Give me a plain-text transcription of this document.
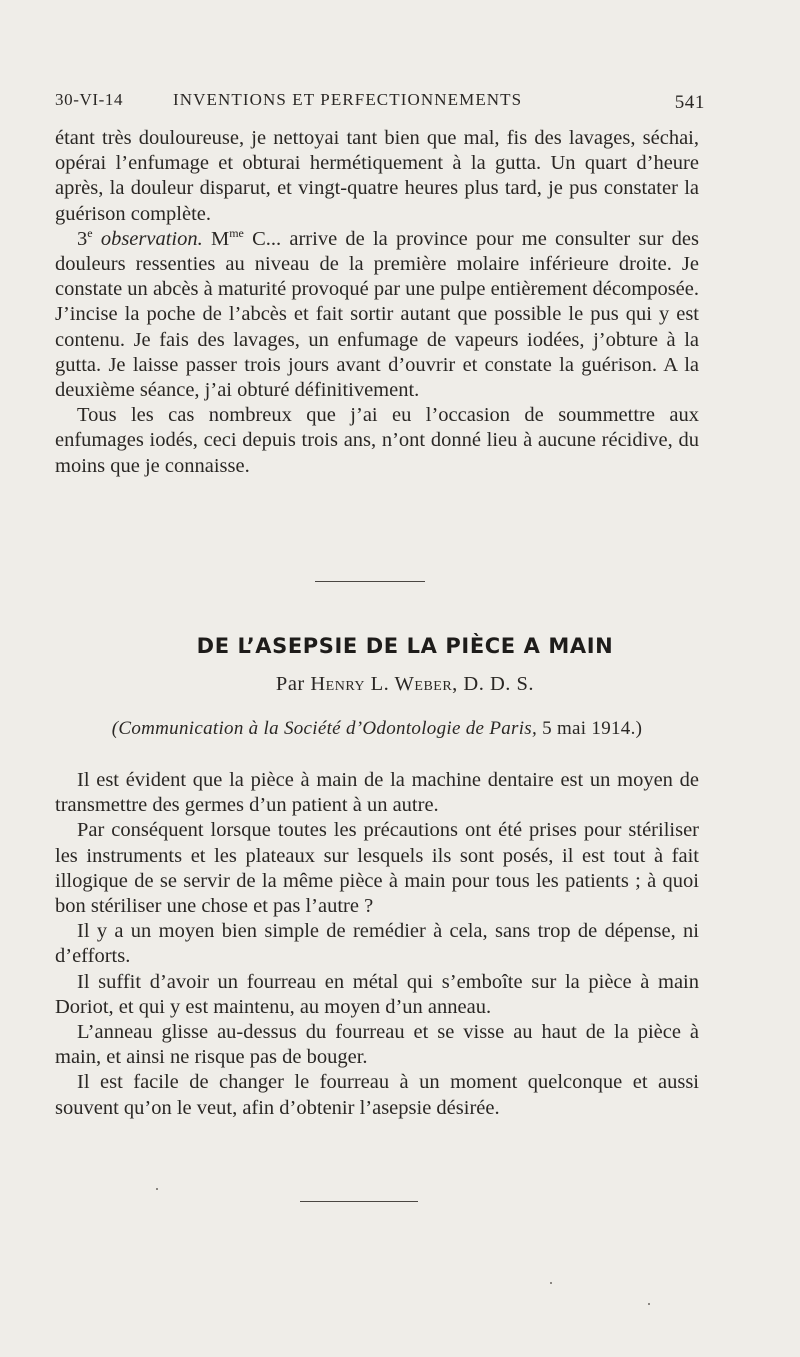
30-VI-14	INVENTIONS ET PERFECTIONNEMENTS	541

étant très douloureuse, je nettoyai tant bien que mal, fis des lavages, séchai, opérai l’enfumage et obturai hermétiquement à la gutta. Un quart d’heure après, la douleur disparut, et vingt-quatre heures plus tard, je pus constater la guérison complète.

3e observation. $M^{me}$ C... arrive de la province pour me consulter sur des douleurs ressenties au niveau de la première molaire inférieure droite. Je constate un abcès à maturité provoqué par une pulpe entièrement décomposée. J’incise la poche de l’abcès et fait sortir autant que possible le pus qui y est contenu. Je fais des lavages, un enfumage de vapeurs iodées, j’obture à la gutta. Je laisse passer trois jours avant d’ouvrir et constate la guérison. A la deuxième séance, j’ai obturé définitivement.

Tous les cas nombreux que j’ai eu l’occasion de soummettre aux enfumages iodés, ceci depuis trois ans, n’ont donné lieu à aucune récidive, du moins que je connaisse.

DE L’ASEPSIE DE LA PIÈCE A MAIN
Par Henry L. Weber, D. D. S.
(Communication à la Société d’Odontologie de Paris, 5 mai 1914.)

Il est évident que la pièce à main de la machine dentaire est un moyen de transmettre des germes d’un patient à un autre.

Par conséquent lorsque toutes les précautions ont été prises pour stériliser les instruments et les plateaux sur lesquels ils sont posés, il est tout à fait illogique de se servir de la même pièce à main pour tous les patients ; à quoi bon stériliser une chose et pas l’autre ?

Il y a un moyen bien simple de remédier à cela, sans trop de dépense, ni d’efforts.

Il suffit d’avoir un fourreau en métal qui s’emboîte sur la pièce à main Doriot, et qui y est maintenu, au moyen d’un anneau.

L’anneau glisse au-dessus du fourreau et se visse au haut de la pièce à main, et ainsi ne risque pas de bouger.

Il est facile de changer le fourreau à un moment quelconque et aussi souvent qu’on le veut, afin d’obtenir l’asepsie désirée.
